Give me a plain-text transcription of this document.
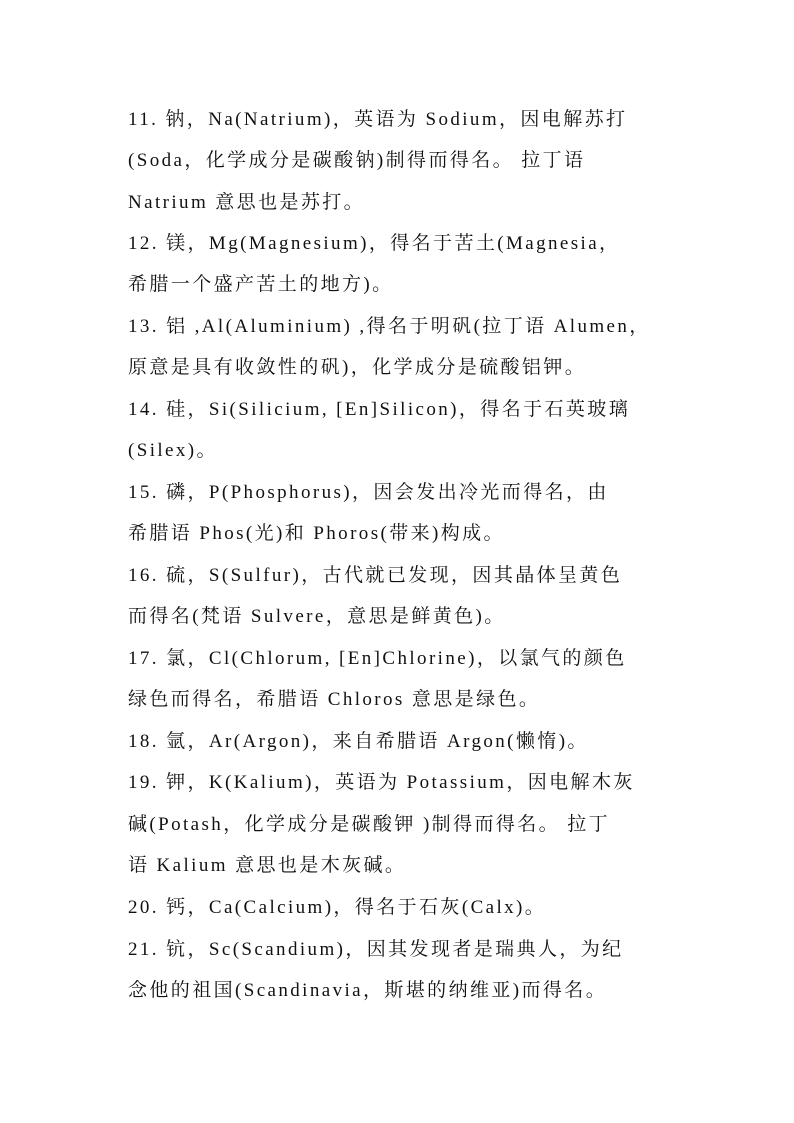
11. 钠，Na(Natrium)，英语为 Sodium，因电解苏打
(Soda，化学成分是碳酸钠)制得而得名。 拉丁语
Natrium 意思也是苏打。
12. 镁，Mg(Magnesium)，得名于苦土(Magnesia，
希腊一个盛产苦土的地方)。
13. 铝 ,Al(Aluminium) ,得名于明矾(拉丁语 Alumen，
原意是具有收敛性的矾)，化学成分是硫酸铝钾。
14. 硅，Si(Silicium, [En]Silicon)，得名于石英玻璃
(Silex)。
15. 磷，P(Phosphorus)，因会发出冷光而得名，由
希腊语 Phos(光)和 Phoros(带来)构成。
16. 硫，S(Sulfur)，古代就已发现，因其晶体呈黄色
而得名(梵语 Sulvere，意思是鲜黄色)。
17. 氯，Cl(Chlorum, [En]Chlorine)，以氯气的颜色
绿色而得名，希腊语 Chloros 意思是绿色。
18. 氩，Ar(Argon)，来自希腊语 Argon(懒惰)。
19. 钾，K(Kalium)，英语为 Potassium，因电解木灰
碱(Potash，化学成分是碳酸钾 )制得而得名。 拉丁
语 Kalium 意思也是木灰碱。
20. 钙，Ca(Calcium)，得名于石灰(Calx)。
21. 钪，Sc(Scandium)，因其发现者是瑞典人，为纪
念他的祖国(Scandinavia，斯堪的纳维亚)而得名。
